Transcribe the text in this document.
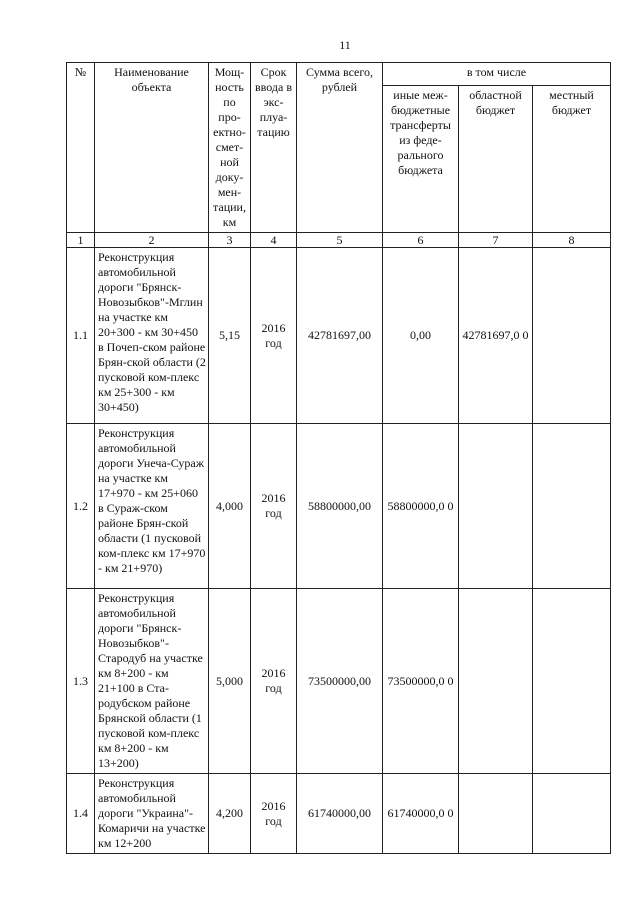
11
№	Наименование объекта	Мощ-ность по про-ектно-смет-ной доку-мен-тации, км	Срок ввода в экс-плуа-тацию	Сумма всего, рублей	в том числе		
					иные меж-бюджетные трансферты из феде-рального бюджета	областной бюджет	местный бюджет
1	2	3	4	5	6	7	8
1.1	Реконструкция автомобильной дороги "Брянск-Новозыбков"-Мглин на участке км 20+300 - км 30+450 в Почеп-ском районе Брян-ской области (2 пусковой ком-плекс км 25+300 - км 30+450)	5,15	2016 год	42781697,00	0,00	42781697,0 0	
1.2	Реконструкция автомобильной дороги Унеча-Сураж на участке км 17+970 - км 25+060 в Сураж-ском районе Брян-ской области (1 пусковой ком-плекс км 17+970 - км 21+970)	4,000	2016 год	58800000,00	58800000,0 0		
1.3	Реконструкция автомобильной дороги "Брянск-Новозыбков"-Стародуб на участке км 8+200 - км 21+100 в Ста-родубском районе Брянской области (1 пусковой ком-плекс км 8+200 - км 13+200)	5,000	2016 год	73500000,00	73500000,0 0		
1.4	Реконструкция автомобильной дороги "Украина"-Комаричи на участке км 12+200	4,200	2016 год	61740000,00	61740000,0 0		
